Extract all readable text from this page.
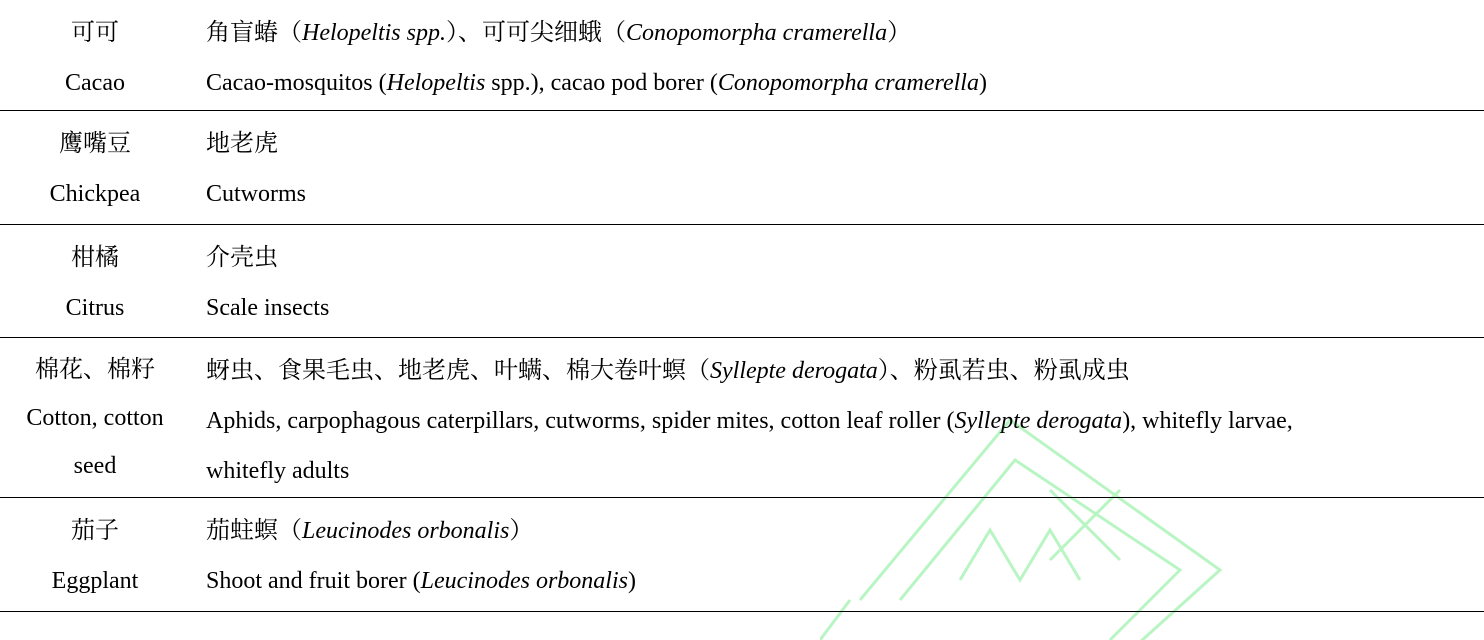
可可
Cacao
角盲蝽（Helopeltis spp.）、可可尖细蛾（Conopomorpha cramerella）
Cacao-mosquitos (Helopeltis spp.), cacao pod borer (Conopomorpha cramerella)
鹰嘴豆
Chickpea
地老虎
Cutworms
柑橘
Citrus
介壳虫
Scale insects
棉花、棉籽
Cotton, cotton
seed
蚜虫、食果毛虫、地老虎、叶螨、棉大卷叶螟（Syllepte derogata）、粉虱若虫、粉虱成虫
Aphids, carpophagous caterpillars, cutworms, spider mites, cotton leaf roller (Syllepte derogata), whitefly larvae,
whitefly adults
茄子
Eggplant
茄蛀螟（Leucinodes orbonalis）
Shoot and fruit borer (Leucinodes orbonalis)
